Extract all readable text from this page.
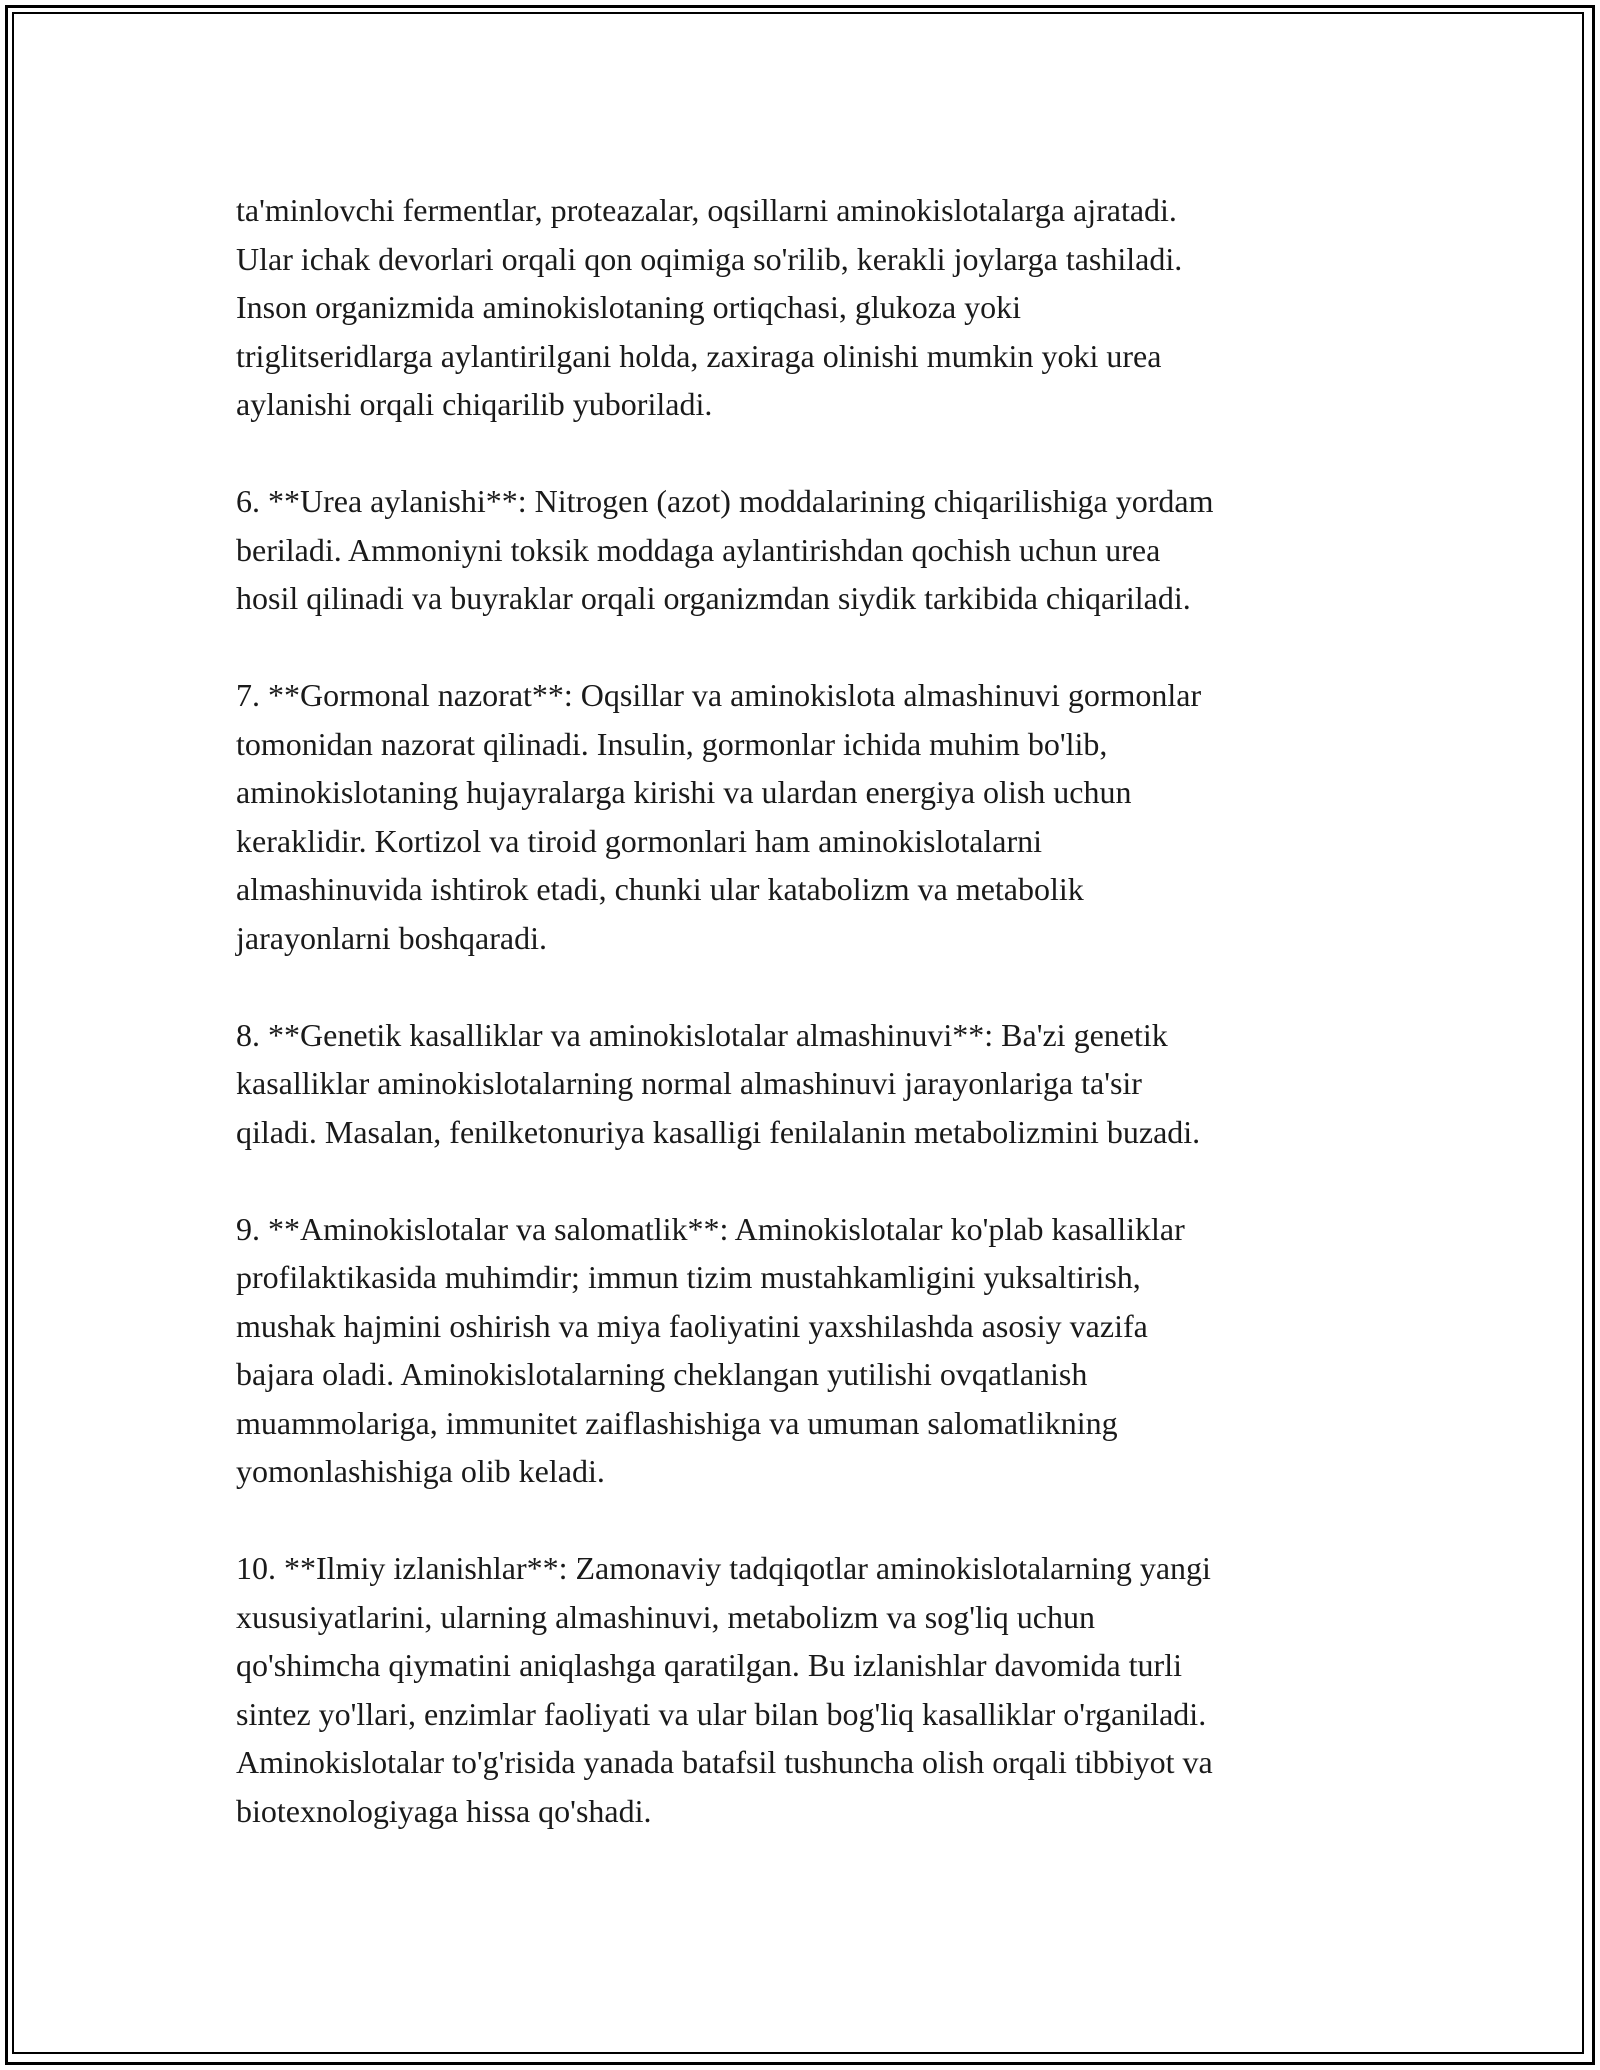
ta'minlovchi fermentlar, proteazalar, oqsillarni aminokislotalarga ajratadi.
Ular ichak devorlari orqali qon oqimiga so'rilib, kerakli joylarga tashiladi.
Inson organizmida aminokislotaning ortiqchasi, glukoza yoki
triglitseridlarga aylantirilgani holda, zaxiraga olinishi mumkin yoki urea
aylanishi orqali chiqarilib yuboriladi.

6. **Urea aylanishi**: Nitrogen (azot) moddalarining chiqarilishiga yordam
beriladi. Ammoniyni toksik moddaga aylantirishdan qochish uchun urea
hosil qilinadi va buyraklar orqali organizmdan siydik tarkibida chiqariladi.

7. **Gormonal nazorat**: Oqsillar va aminokislota almashinuvi gormonlar
tomonidan nazorat qilinadi. Insulin, gormonlar ichida muhim bo'lib,
aminokislotaning hujayralarga kirishi va ulardan energiya olish uchun
keraklidir. Kortizol va tiroid gormonlari ham aminokislotalarni
almashinuvida ishtirok etadi, chunki ular katabolizm va metabolik
jarayonlarni boshqaradi.

8. **Genetik kasalliklar va aminokislotalar almashinuvi**: Ba'zi genetik
kasalliklar aminokislotalarning normal almashinuvi jarayonlariga ta'sir
qiladi. Masalan, fenilketonuriya kasalligi fenilalanin metabolizmini buzadi.

9. **Aminokislotalar va salomatlik**: Aminokislotalar ko'plab kasalliklar
profilaktikasida muhimdir; immun tizim mustahkamligini yuksaltirish,
mushak hajmini oshirish va miya faoliyatini yaxshilashda asosiy vazifa
bajara oladi. Aminokislotalarning cheklangan yutilishi ovqatlanish
muammolariga, immunitet zaiflashishiga va umuman salomatlikning
yomonlashishiga olib keladi.

10. **Ilmiy izlanishlar**: Zamonaviy tadqiqotlar aminokislotalarning yangi
xususiyatlarini, ularning almashinuvi, metabolizm va sog'liq uchun
qo'shimcha qiymatini aniqlashga qaratilgan. Bu izlanishlar davomida turli
sintez yo'llari, enzimlar faoliyati va ular bilan bog'liq kasalliklar o'rganiladi.
Aminokislotalar to'g'risida yanada batafsil tushuncha olish orqali tibbiyot va
biotexnologiyaga hissa qo'shadi.
